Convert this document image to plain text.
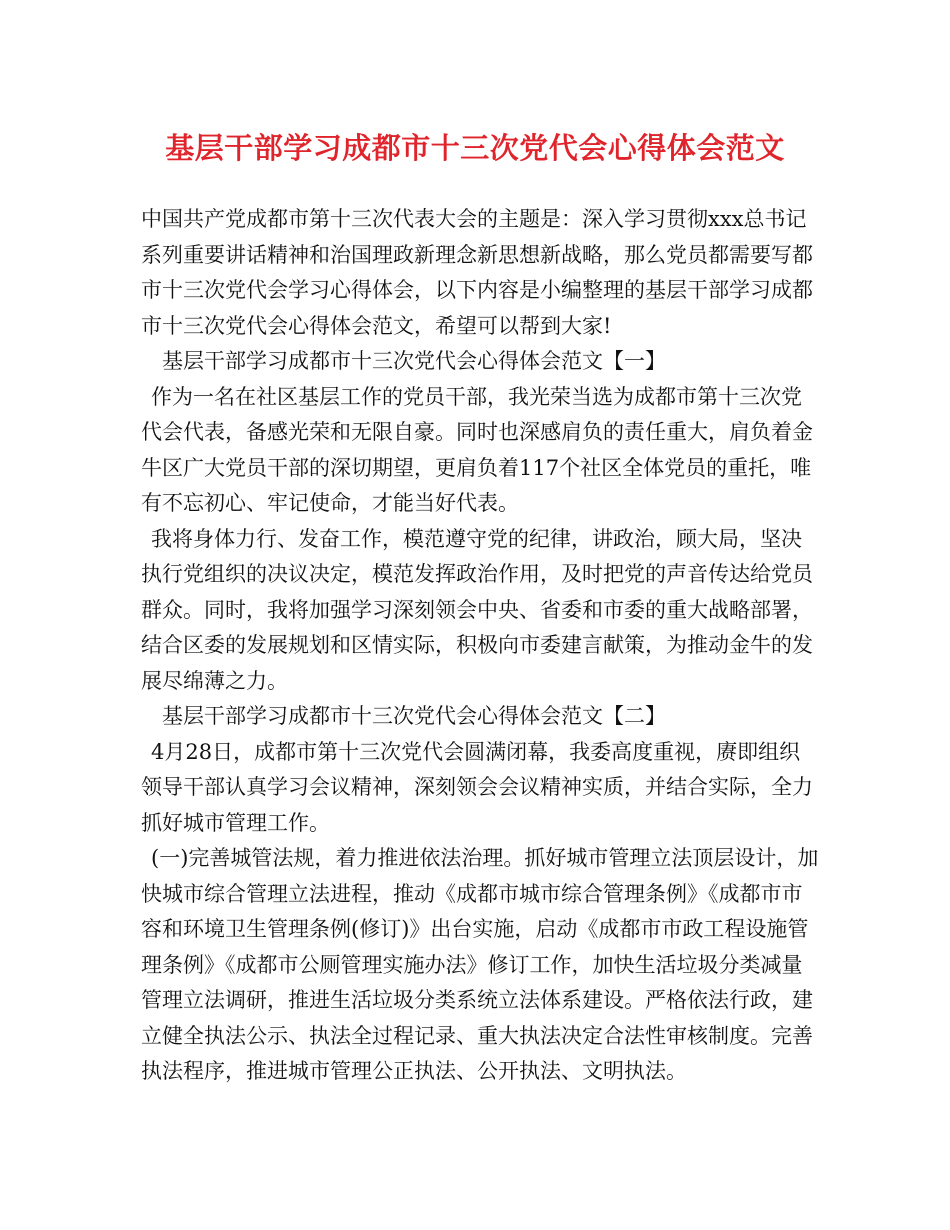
基层干部学习成都市十三次党代会心得体会范文

中国共产党成都市第十三次代表大会的主题是：深入学习贯彻xxx总书记系列重要讲话精神和治国理政新理念新思想新战略，那么党员都需要写都市十三次党代会学习心得体会，以下内容是小编整理的基层干部学习成都市十三次党代会心得体会范文，希望可以帮到大家!

基层干部学习成都市十三次党代会心得体会范文【一】

作为一名在社区基层工作的党员干部，我光荣当选为成都市第十三次党代会代表，备感光荣和无限自豪。同时也深感肩负的责任重大，肩负着金牛区广大党员干部的深切期望，更肩负着117个社区全体党员的重托，唯有不忘初心、牢记使命，才能当好代表。

我将身体力行、发奋工作，模范遵守党的纪律，讲政治，顾大局，坚决执行党组织的决议决定，模范发挥政治作用，及时把党的声音传达给党员群众。同时，我将加强学习深刻领会中央、省委和市委的重大战略部署，结合区委的发展规划和区情实际，积极向市委建言献策，为推动金牛的发展尽绵薄之力。

基层干部学习成都市十三次党代会心得体会范文【二】

4月28日，成都市第十三次党代会圆满闭幕，我委高度重视，赓即组织领导干部认真学习会议精神，深刻领会会议精神实质，并结合实际，全力抓好城市管理工作。

(一)完善城管法规，着力推进依法治理。抓好城市管理立法顶层设计，加快城市综合管理立法进程，推动《成都市城市综合管理条例》《成都市市容和环境卫生管理条例(修订)》出台实施，启动《成都市市政工程设施管理条例》《成都市公厕管理实施办法》修订工作，加快生活垃圾分类减量管理立法调研，推进生活垃圾分类系统立法体系建设。严格依法行政，建立健全执法公示、执法全过程记录、重大执法决定合法性审核制度。完善执法程序，推进城市管理公正执法、公开执法、文明执法。
